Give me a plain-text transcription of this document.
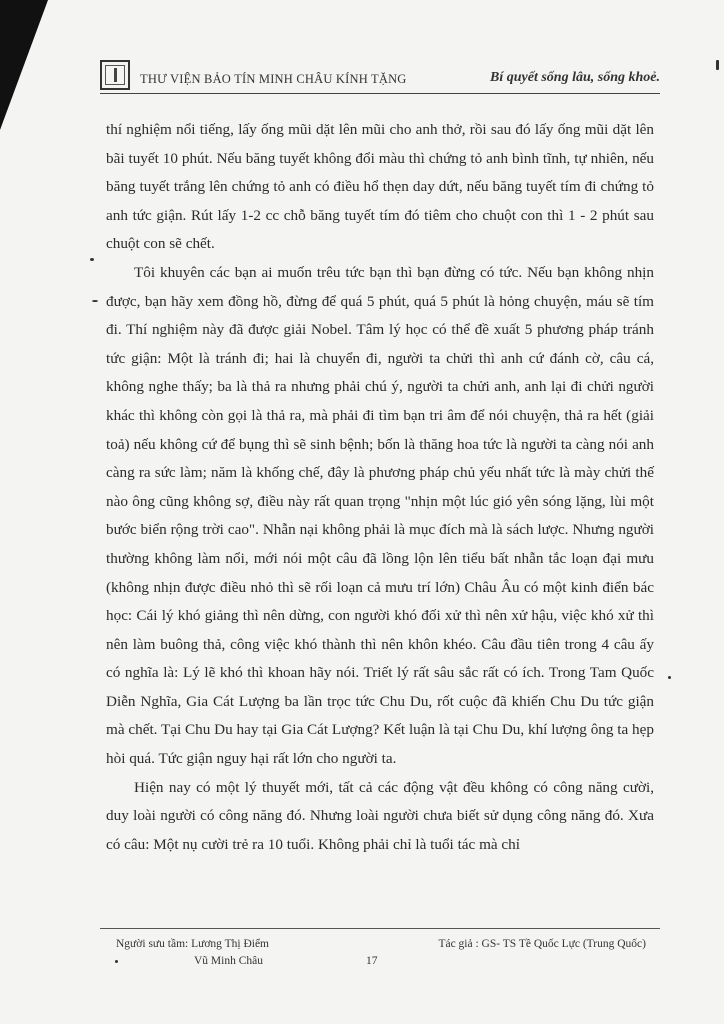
THƯ VIỆN BẢO TÍN MINH CHÂU KÍNH TẶNG	Bí quyết sống lâu, sống khoẻ.

thí nghiệm nổi tiếng, lấy ống mũi dặt lên mũi cho anh thở, rồi sau đó lấy ống mũi dặt lên bãi tuyết 10 phút. Nếu băng tuyết không đổi màu thì chứng tỏ anh bình tĩnh, tự nhiên, nếu băng tuyết trắng lên chứng tỏ anh có điều hổ thẹn day dứt, nếu băng tuyết tím đi chứng tỏ anh tức giận. Rút lấy 1-2 cc chỗ băng tuyết tím đó tiêm cho chuột con thì 1 - 2 phút sau chuột con sẽ chết.

Tôi khuyên các bạn ai muốn trêu tức bạn thì bạn đừng có tức. Nếu bạn không nhịn được, bạn hãy xem đồng hồ, đừng để quá 5 phút, quá 5 phút là hỏng chuyện, máu sẽ tím đi. Thí nghiệm này đã được giải Nobel. Tâm lý học có thể đề xuất 5 phương pháp tránh tức giận: Một là tránh đi; hai là chuyển đi, người ta chửi thì anh cứ đánh cờ, câu cá, không nghe thấy; ba là thả ra nhưng phải chú ý, người ta chửi anh, anh lại đi chửi người khác thì không còn gọi là thả ra, mà phải đi tìm bạn tri âm để nói chuyện, thả ra hết (giải toả) nếu không cứ để bụng thì sẽ sinh bệnh; bốn là thăng hoa tức là người ta càng nói anh càng ra sức làm; năm là khống chế, đây là phương pháp chủ yếu nhất tức là mày chửi thế nào ông cũng không sợ, điều này rất quan trọng "nhịn một lúc gió yên sóng lặng, lùi một bước biển rộng trời cao". Nhẫn nại không phải là mục đích mà là sách lược. Nhưng người thường không làm nổi, mới nói một câu đã lồng lộn lên tiểu bất nhẫn tắc loạn đại mưu (không nhịn được điều nhỏ thì sẽ rối loạn cả mưu trí lớn) Châu Âu có một kinh điển bác học: Cái lý khó giảng thì nên dừng, con người khó đối xử thì nên xử hậu, việc khó xử thì nên làm buông thả, công việc khó thành thì nên khôn khéo. Câu đầu tiên trong 4 câu ấy có nghĩa là: Lý lẽ khó thì khoan hãy nói. Triết lý rất sâu sắc rất có ích. Trong Tam Quốc Diễn Nghĩa, Gia Cát Lượng ba lần trọc tức Chu Du, rốt cuộc đã khiến Chu Du tức giận mà chết. Tại Chu Du hay tại Gia Cát Lượng? Kết luận là tại Chu Du, khí lượng ông ta hẹp hòi quá. Tức giận nguy hại rất lớn cho người ta.

Hiện nay có một lý thuyết mới, tất cả các động vật đều không có công năng cười, duy loài người có công năng đó. Nhưng loài người chưa biết sử dụng công năng đó. Xưa có câu: Một nụ cười trẻ ra 10 tuổi. Không phải chỉ là tuổi tác mà chỉ

Người sưu tầm: Lương Thị Điểm
Vũ Minh Châu	17
Tác giả : GS- TS Tề Quốc Lực (Trung Quốc)
